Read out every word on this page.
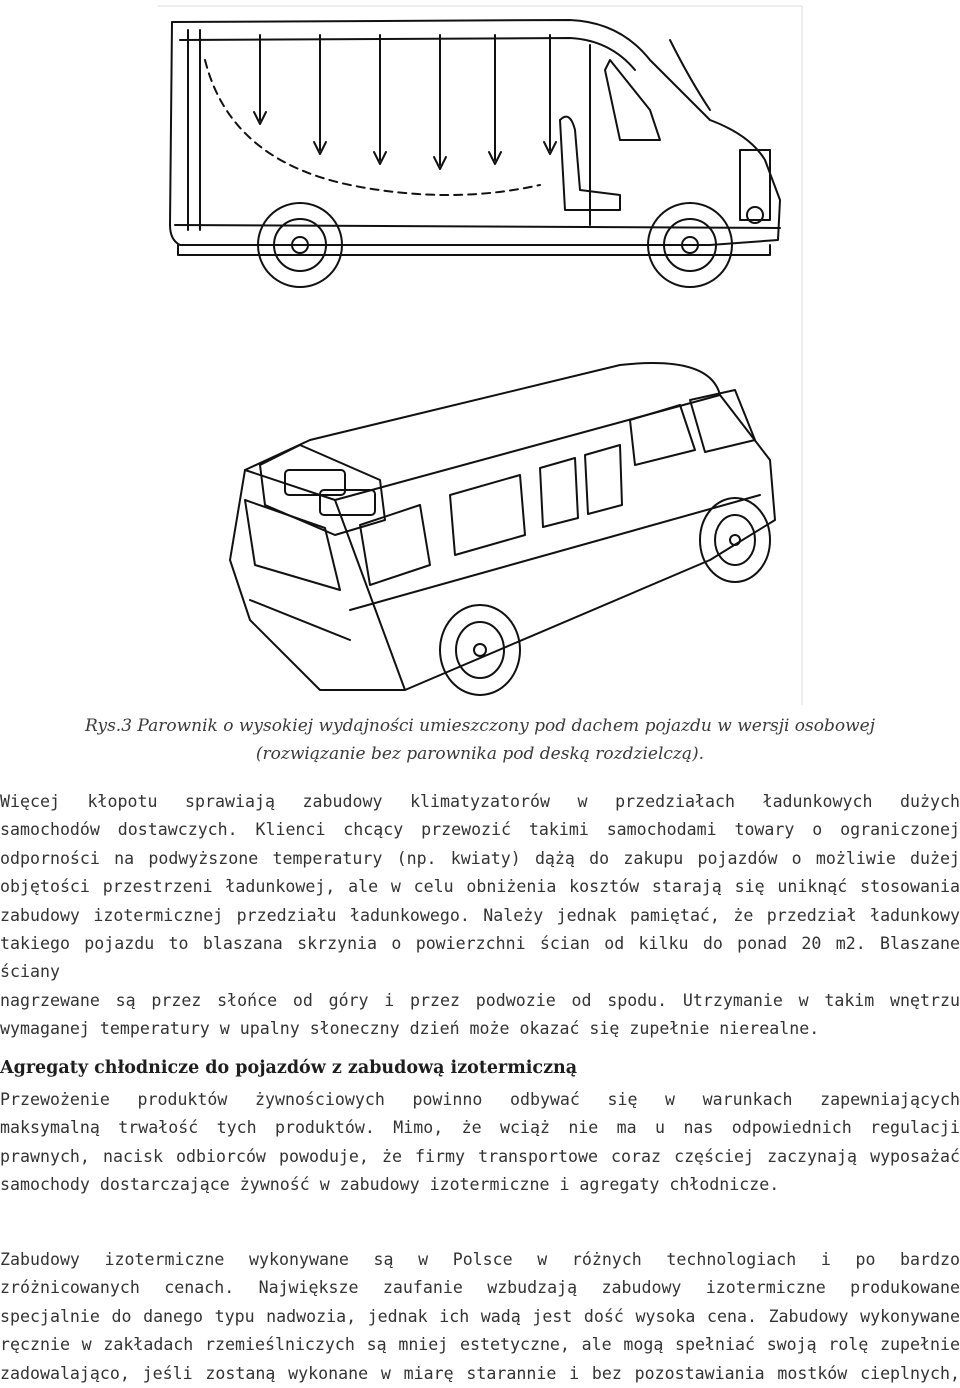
Rys.3 Parownik o wysokiej wydajności umieszczony pod dachem pojazdu w wersji osobowej
(rozwiązanie bez parownika pod deską rozdzielczą).
Więcej kłopotu sprawiają zabudowy klimatyzatorów w przedziałach ładunkowych dużych
samochodów dostawczych. Klienci chcący przewozić takimi samochodami towary o ograniczonej
odporności na podwyższone temperatury (np. kwiaty) dążą do zakupu pojazdów o możliwie dużej
objętości przestrzeni ładunkowej, ale w celu obniżenia kosztów starają się uniknąć stosowania
zabudowy izotermicznej przedziału ładunkowego. Należy jednak pamiętać, że przedział ładunkowy
takiego pojazdu to blaszana skrzynia o powierzchni ścian od kilku do ponad 20 m2. Blaszane ściany
nagrzewane są przez słońce od góry i przez podwozie od spodu. Utrzymanie w takim wnętrzu
wymaganej temperatury w upalny słoneczny dzień może okazać się zupełnie nierealne.
Agregaty chłodnicze do pojazdów z zabudową izotermiczną
Przewożenie produktów żywnościowych powinno odbywać się w warunkach zapewniających
maksymalną trwałość tych produktów. Mimo, że wciąż nie ma u nas odpowiednich regulacji
prawnych, nacisk odbiorców powoduje, że firmy transportowe coraz częściej zaczynają wyposażać
samochody dostarczające żywność w zabudowy izotermiczne i agregaty chłodnicze.
Zabudowy izotermiczne wykonywane są w Polsce w różnych technologiach i po bardzo
zróżnicowanych cenach. Największe zaufanie wzbudzają zabudowy izotermiczne produkowane
specjalnie do danego typu nadwozia, jednak ich wadą jest dość wysoka cena. Zabudowy wykonywane
ręcznie w zakładach rzemieślniczych są mniej estetyczne, ale mogą spełniać swoją rolę zupełnie
zadowalająco, jeśli zostaną wykonane w miarę starannie i bez pozostawiania mostków cieplnych,
